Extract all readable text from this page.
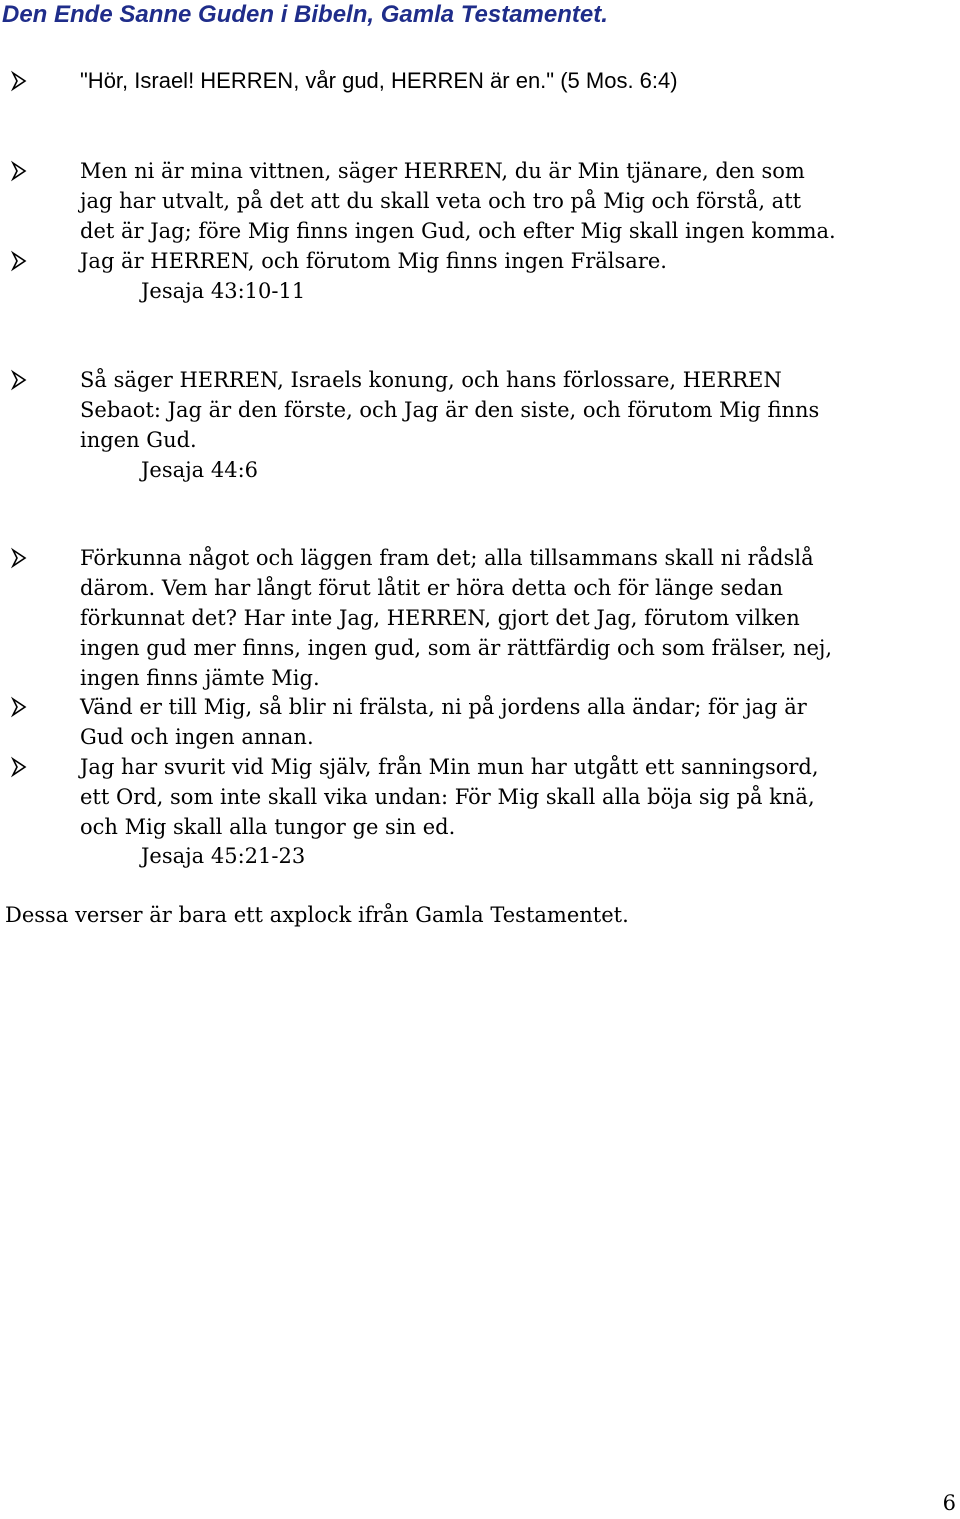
Den Ende Sanne Guden i Bibeln, Gamla Testamentet.
"Hör, Israel! HERREN, vår gud, HERREN är en." (5 Mos. 6:4)
Men ni är mina vittnen, säger HERREN, du är Min tjänare, den som
jag har utvalt, på det att du skall veta och tro på Mig och förstå, att
det är Jag; före Mig finns ingen Gud, och efter Mig skall ingen komma.
Jag är HERREN, och förutom Mig finns ingen Frälsare.
Jesaja 43:10-11
Så säger HERREN, Israels konung, och hans förlossare, HERREN
Sebaot: Jag är den förste, och Jag är den siste, och förutom Mig finns
ingen Gud.
Jesaja 44:6
Förkunna något och läggen fram det; alla tillsammans skall ni rådslå
därom. Vem har långt förut låtit er höra detta och för länge sedan
förkunnat det? Har inte Jag, HERREN, gjort det Jag, förutom vilken
ingen gud mer finns, ingen gud, som är rättfärdig och som frälser, nej,
ingen finns jämte Mig.
Vänd er till Mig, så blir ni frälsta, ni på jordens alla ändar; för jag är
Gud och ingen annan.
Jag har svurit vid Mig själv, från Min mun har utgått ett sanningsord,
ett Ord, som inte skall vika undan: För Mig skall alla böja sig på knä,
och Mig skall alla tungor ge sin ed.
Jesaja 45:21-23
Dessa verser är bara ett axplock ifrån Gamla Testamentet.
6
